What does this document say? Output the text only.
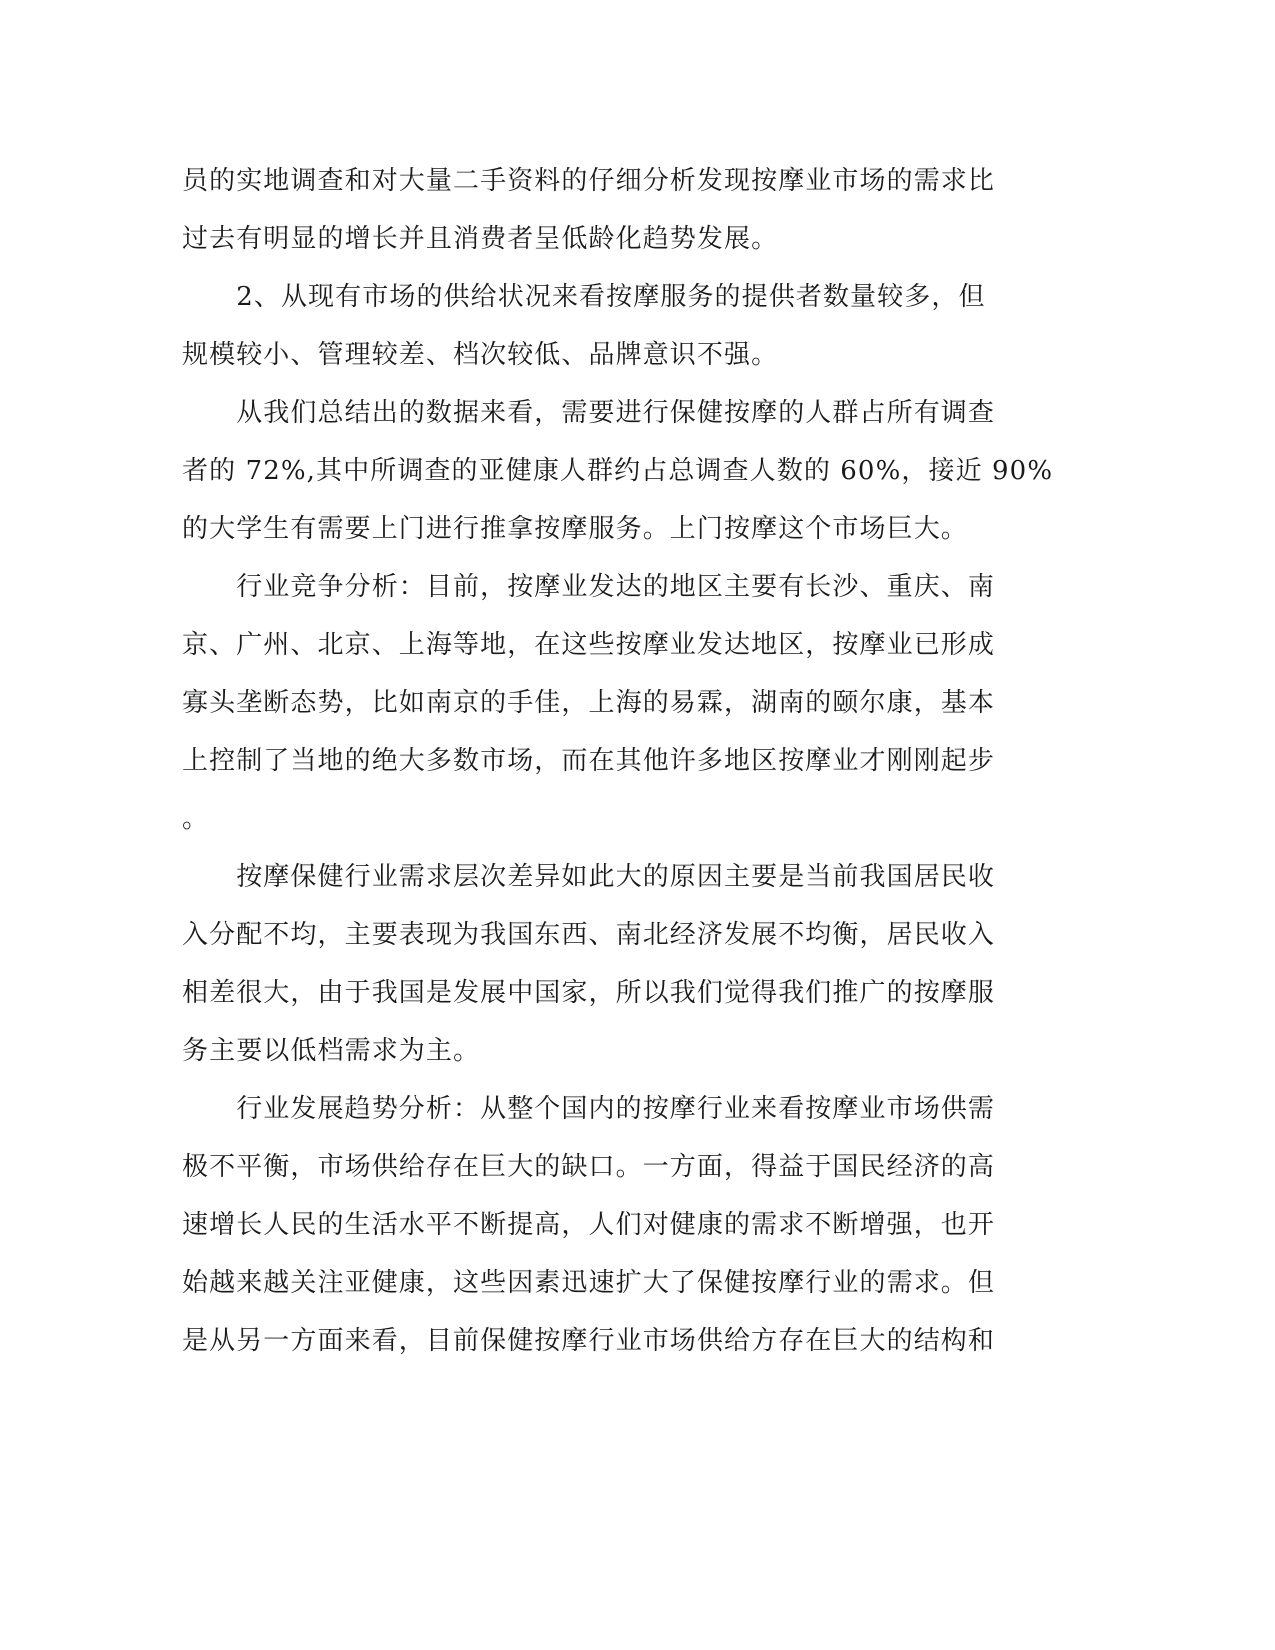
员的实地调查和对大量二手资料的仔细分析发现按摩业市场的需求比
过去有明显的增长并且消费者呈低龄化趋势发展。
　　2、从现有市场的供给状况来看按摩服务的提供者数量较多，但
规模较小、管理较差、档次较低、品牌意识不强。
　　从我们总结出的数据来看，需要进行保健按摩的人群占所有调查
者的 72%,其中所调查的亚健康人群约占总调查人数的 60%，接近 90%
的大学生有需要上门进行推拿按摩服务。上门按摩这个市场巨大。
　　行业竞争分析：目前，按摩业发达的地区主要有长沙、重庆、南
京、广州、北京、上海等地，在这些按摩业发达地区，按摩业已形成
寡头垄断态势，比如南京的手佳，上海的易霖，湖南的颐尔康，基本
上控制了当地的绝大多数市场，而在其他许多地区按摩业才刚刚起步
。
　　按摩保健行业需求层次差异如此大的原因主要是当前我国居民收
入分配不均，主要表现为我国东西、南北经济发展不均衡，居民收入
相差很大，由于我国是发展中国家，所以我们觉得我们推广的按摩服
务主要以低档需求为主。
　　行业发展趋势分析：从整个国内的按摩行业来看按摩业市场供需
极不平衡，市场供给存在巨大的缺口。一方面，得益于国民经济的高
速增长人民的生活水平不断提高，人们对健康的需求不断增强，也开
始越来越关注亚健康，这些因素迅速扩大了保健按摩行业的需求。但
是从另一方面来看，目前保健按摩行业市场供给方存在巨大的结构和
